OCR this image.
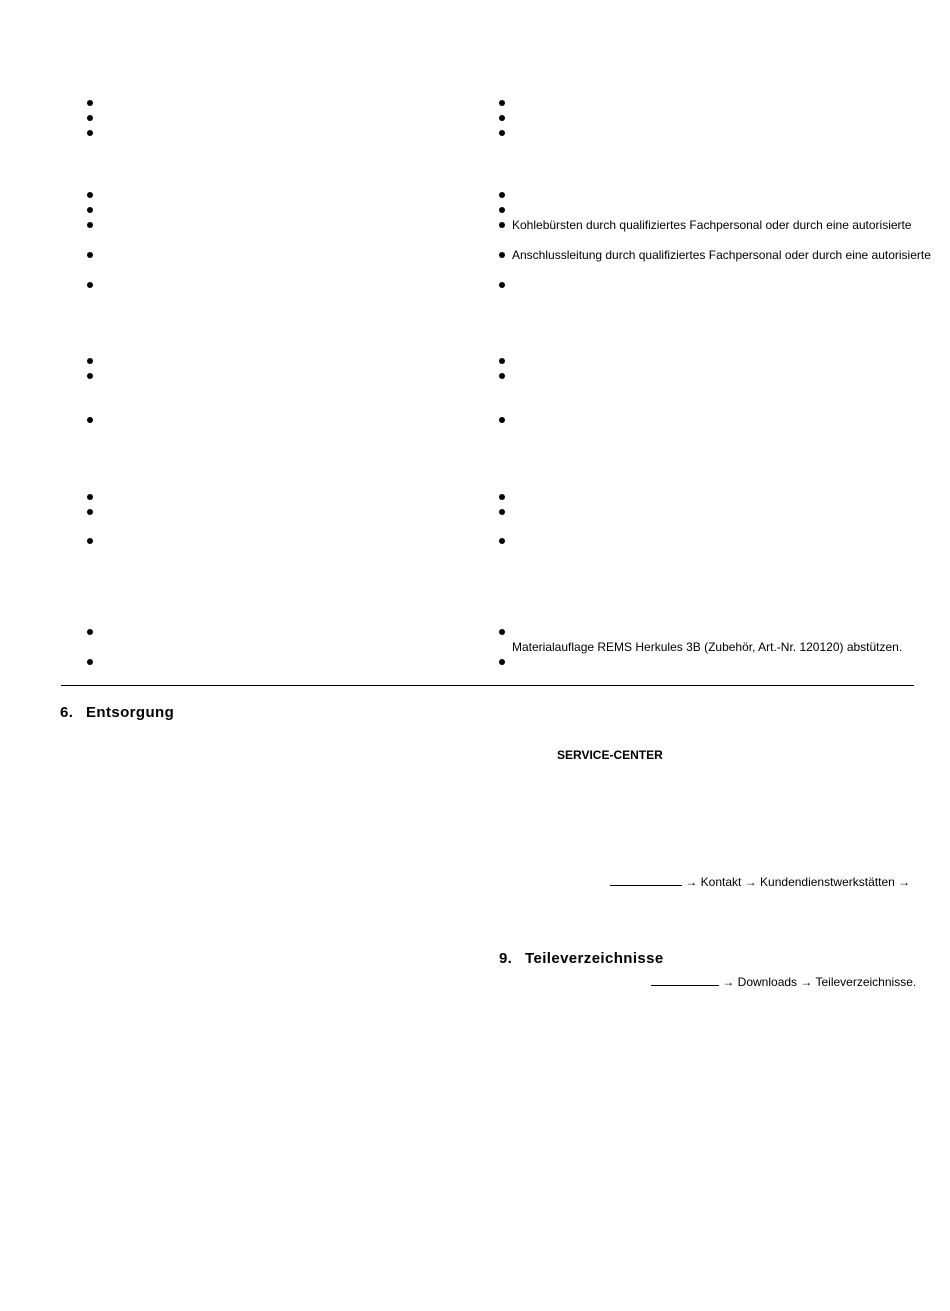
Kohlebürsten durch qualifiziertes Fachpersonal oder durch eine autorisierte
Anschlussleitung durch qualifiziertes Fachpersonal oder durch eine autorisierte
Materialauflage REMS Herkules 3B (Zubehör, Art.-Nr. 120120) abstützen.
6. Entsorgung
SERVICE-CENTER
→ Kontakt → Kundendienstwerkstätten →
9. Teileverzeichnisse
→ Downloads → Teileverzeichnisse.
